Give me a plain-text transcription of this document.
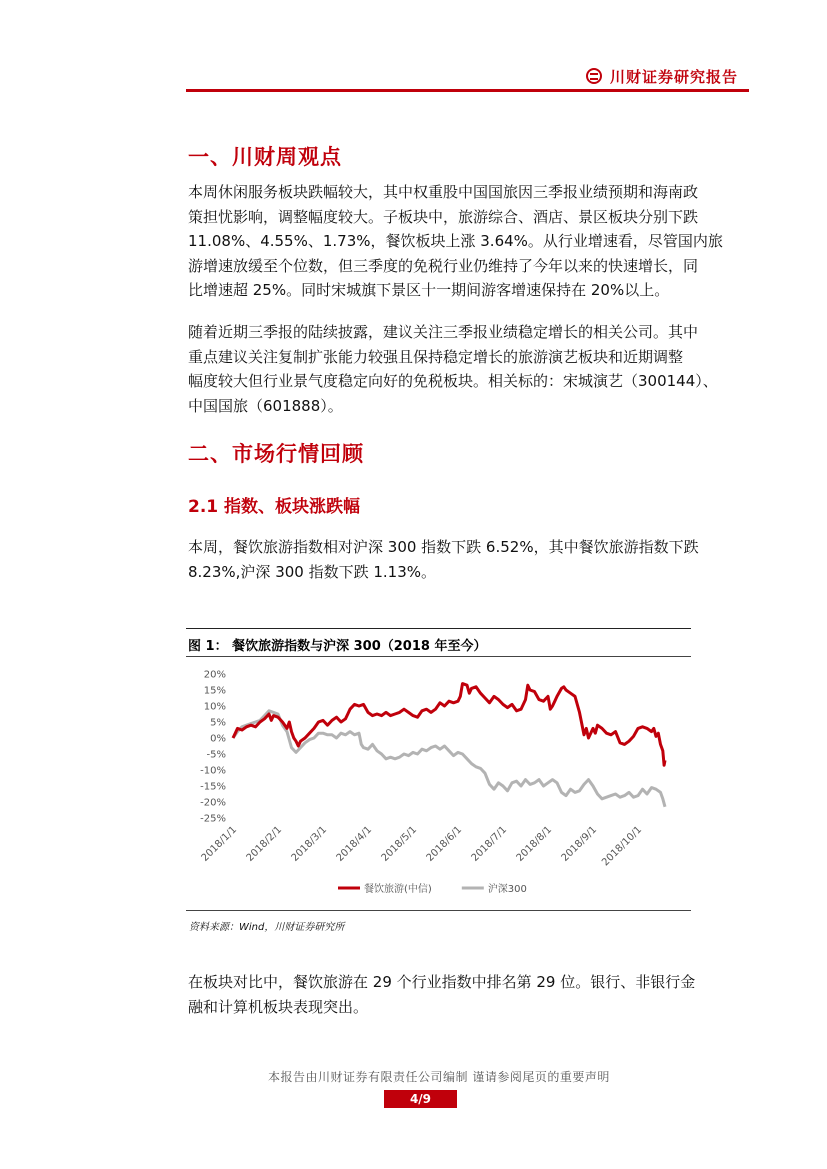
川财证券研究报告
一、川财周观点
本周休闲服务板块跌幅较大，其中权重股中国国旅因三季报业绩预期和海南政
策担忧影响，调整幅度较大。子板块中，旅游综合、酒店、景区板块分别下跌
11.08%、4.55%、1.73%，餐饮板块上涨 3.64%。从行业增速看，尽管国内旅
游增速放缓至个位数，但三季度的免税行业仍维持了今年以来的快速增长，同
比增速超 25%。同时宋城旗下景区十一期间游客增速保持在 20%以上。
随着近期三季报的陆续披露，建议关注三季报业绩稳定增长的相关公司。其中
重点建议关注复制扩张能力较强且保持稳定增长的旅游演艺板块和近期调整
幅度较大但行业景气度稳定向好的免税板块。相关标的：宋城演艺（300144）、
中国国旅（601888）。
二、市场行情回顾
2.1 指数、板块涨跌幅
本周，餐饮旅游指数相对沪深 300 指数下跌 6.52%，其中餐饮旅游指数下跌
8.23%,沪深 300 指数下跌 1.13%。
图 1： 餐饮旅游指数与沪深 300（2018 年至今）
20%
15%
10%
5%
0%
-5%
-10%
-15%
-20%
-25%
2018/1/1 2018/2/1 2018/3/1 2018/4/1 2018/5/1 2018/6/1 2018/7/1 2018/8/1 2018/9/1 2018/10/1
餐饮旅游(中信)	沪深300
资料来源：Wind，川财证券研究所
在板块对比中，餐饮旅游在 29 个行业指数中排名第 29 位。银行、非银行金
融和计算机板块表现突出。
本报告由川财证券有限责任公司编制 谨请参阅尾页的重要声明
4/9
